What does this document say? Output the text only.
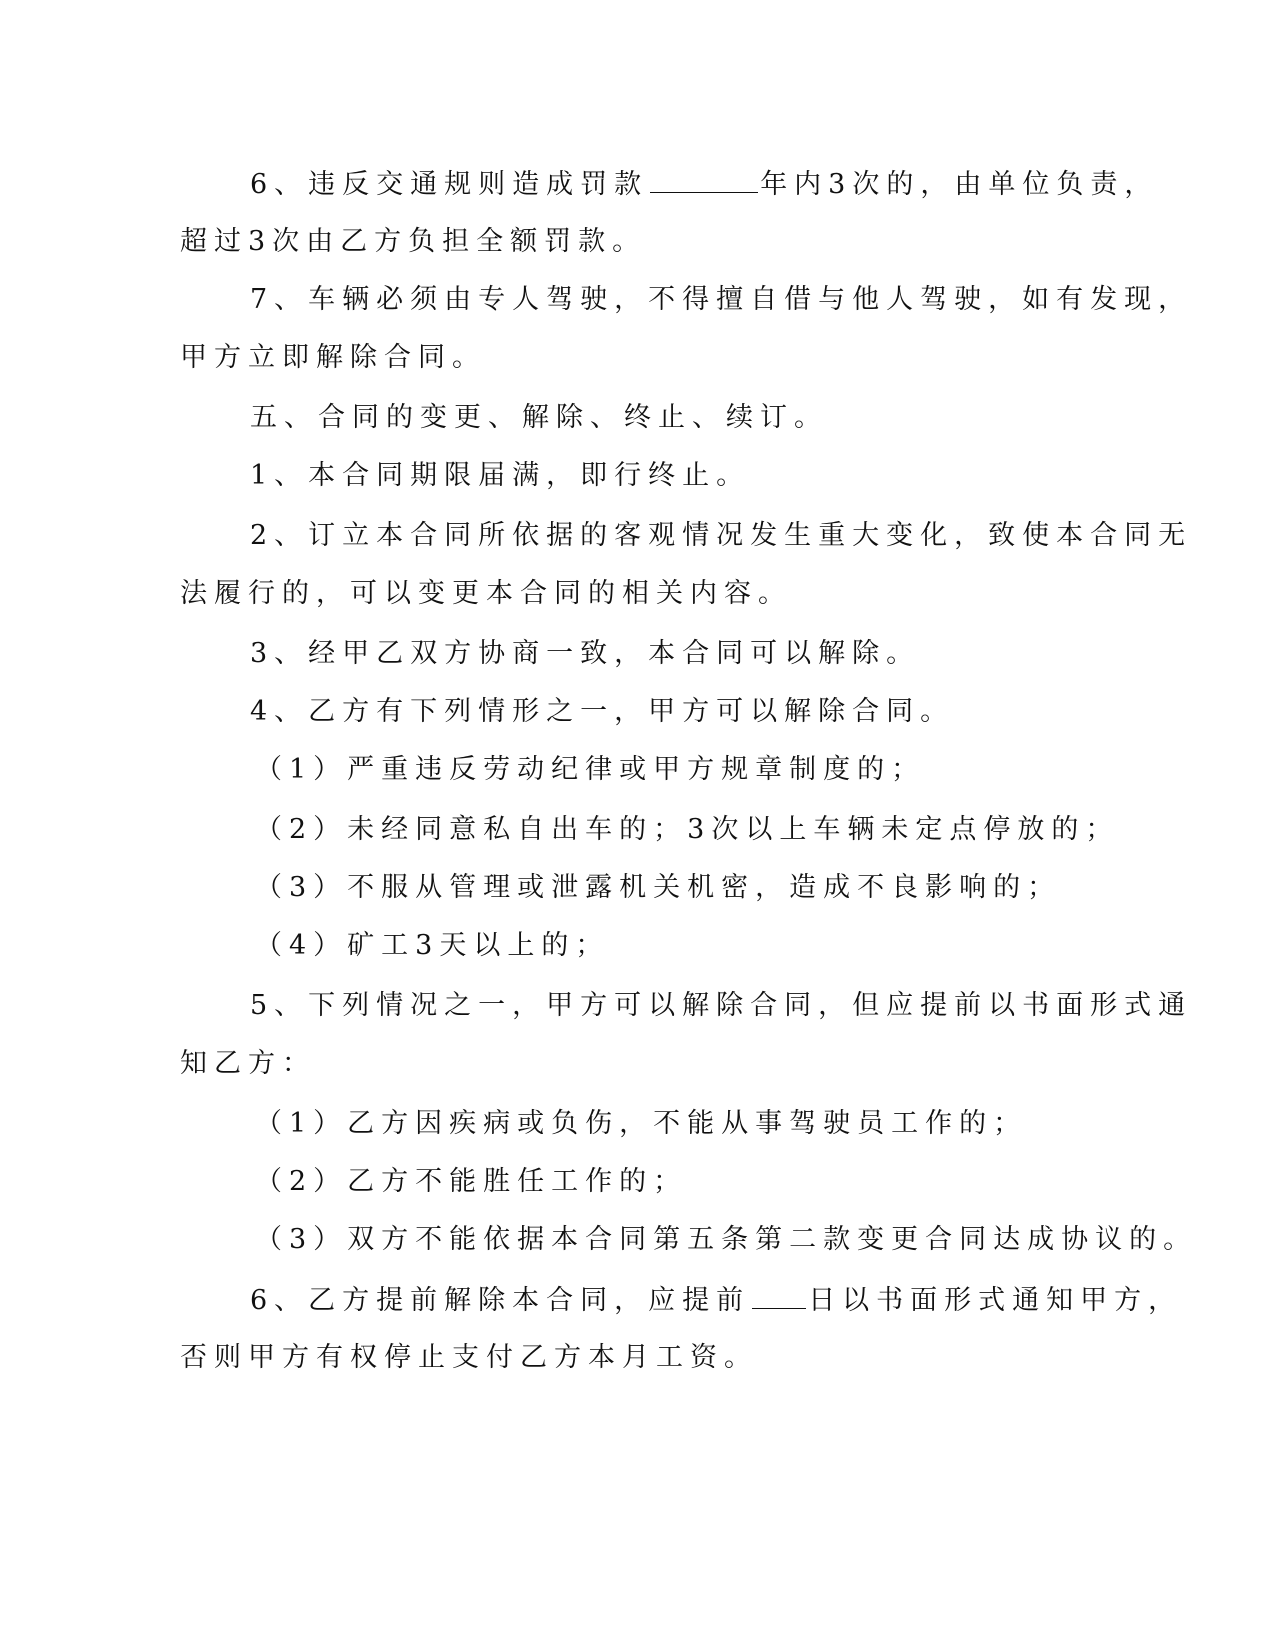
6、违反交通规则造成罚款	年内3次的，由单位负责，
超过3次由乙方负担全额罚款。
7、车辆必须由专人驾驶，不得擅自借与他人驾驶，如有发现，
甲方立即解除合同。
五、合同的变更、解除、终止、续订。
1、本合同期限届满，即行终止。
2、订立本合同所依据的客观情况发生重大变化，致使本合同无
法履行的，可以变更本合同的相关内容。
3、经甲乙双方协商一致，本合同可以解除。
4、乙方有下列情形之一，甲方可以解除合同。
（1）严重违反劳动纪律或甲方规章制度的；
（2）未经同意私自出车的；3次以上车辆未定点停放的；
（3）不服从管理或泄露机关机密，造成不良影响的；
（4）矿工3天以上的；
5、下列情况之一，甲方可以解除合同，但应提前以书面形式通
知乙方：
（1）乙方因疾病或负伤，不能从事驾驶员工作的；
（2）乙方不能胜任工作的；
（3）双方不能依据本合同第五条第二款变更合同达成协议的。
6、乙方提前解除本合同，应提前 日以书面形式通知甲方，
否则甲方有权停止支付乙方本月工资。
